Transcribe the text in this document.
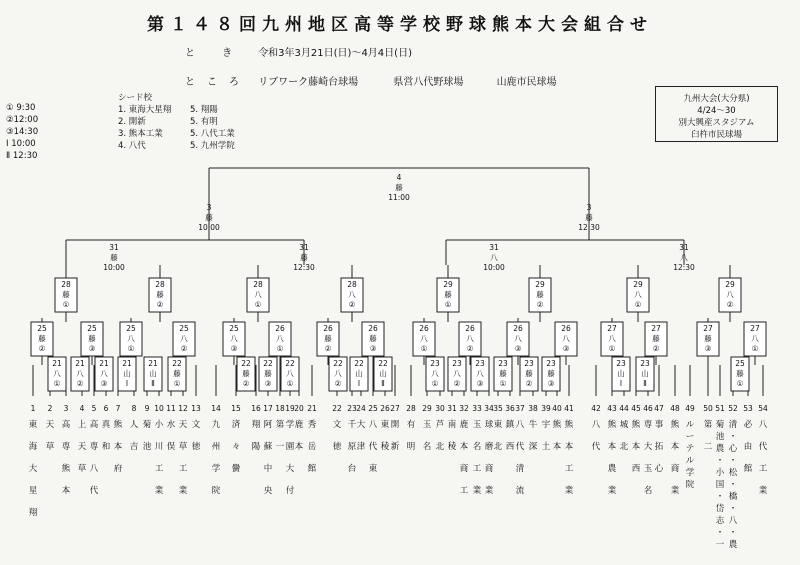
第１４８回九州地区高等学校野球熊本大会組合せ
と き 令和3年3月21日(日)～4月4日(日)
ところ リブワーク藤崎台球場	県営八代野球場	山鹿市民球場
① 9:30
②12:00
③14:30
Ⅰ 10:00
Ⅱ 12:30
シード校
1. 東海大星翔
2. 開新
3. 熊本工業
4. 八代
5. 翔陽
5. 有明
5. 八代工業
5. 九州学院
九州大会(大分県)
4/24～30
別大興産スタジアム
臼杵市民球場
4
藤
11:00
3
藤
10:00
3
藤
12:30
31
藤
10:00
31
藤
12:30
31
八
10:00
31
八
12:30
28
藤
①
28
藤
②
28
八
①
28
八
②
29
藤
①
29
藤
②
29
八
①
29
八
②
25
藤
②
25
藤
③
25
八
①
25
八
②
25
八
③
26
八
①
26
藤
②
26
藤
③
26
八
①
26
八
②
26
八
③
26
八
③
27
八
①
27
藤
②
27
藤
③
27
八
①
21
八
①
21
八
②
21
八
③
21
山
Ⅰ
21
山
Ⅱ
22
藤
①
22
藤
②
22
藤
③
22
八
①
22
八
②
22
山
Ⅰ
22
山
Ⅱ
23
八
①
23
八
②
23
八
③
23
藤
①
23
藤
②
23
藤
③
23
山
Ⅰ
23
山
Ⅱ
25
藤
①
1
東
海
大
星
翔
2
天
草
3
高
専
熊
本
4
上
天
草
5
高
専
八
代
6
真
和
7
熊
本
府
8
人
吉
9
菊
池
10
小
川
工
業
11
水
俣
12
天
草
工
業
13
文
徳
14
九
州
学
院
15
済
々
黌
16
翔
陽
17
阿
蘇
中
央
18
第
一
19
学
園
大
付
20
鹿
本
21
秀
岳
館
22
文
徳
23
千
原
台
24
大
津
25
八
代
東
26
東
稜
27
開
新
28
有
明
29
玉
名
30
芦
北
31
南
稜
32
鹿
本
商
工
33
玉
名
工
業
34
球
磨
商
業
35
東
北
36
鎮
西
37
八
代
清
流
38
牛
深
39
宇
土
40
熊
本
41
熊
本
工
業
42
八
代
43
熊
本
農
業
44
城
北
45
熊
本
西
46
専
大
玉
名
47
事
拓
心
48
熊
本
商
業
49
ル
ー
テ
ル
学
院
50
第
二
51
菊
池
農
・
小
国
・
岱
志
・
一
52
清
・
心
・
松
・
橋
・
八
・
農
53
必
由
館
54
八
代
工
業
